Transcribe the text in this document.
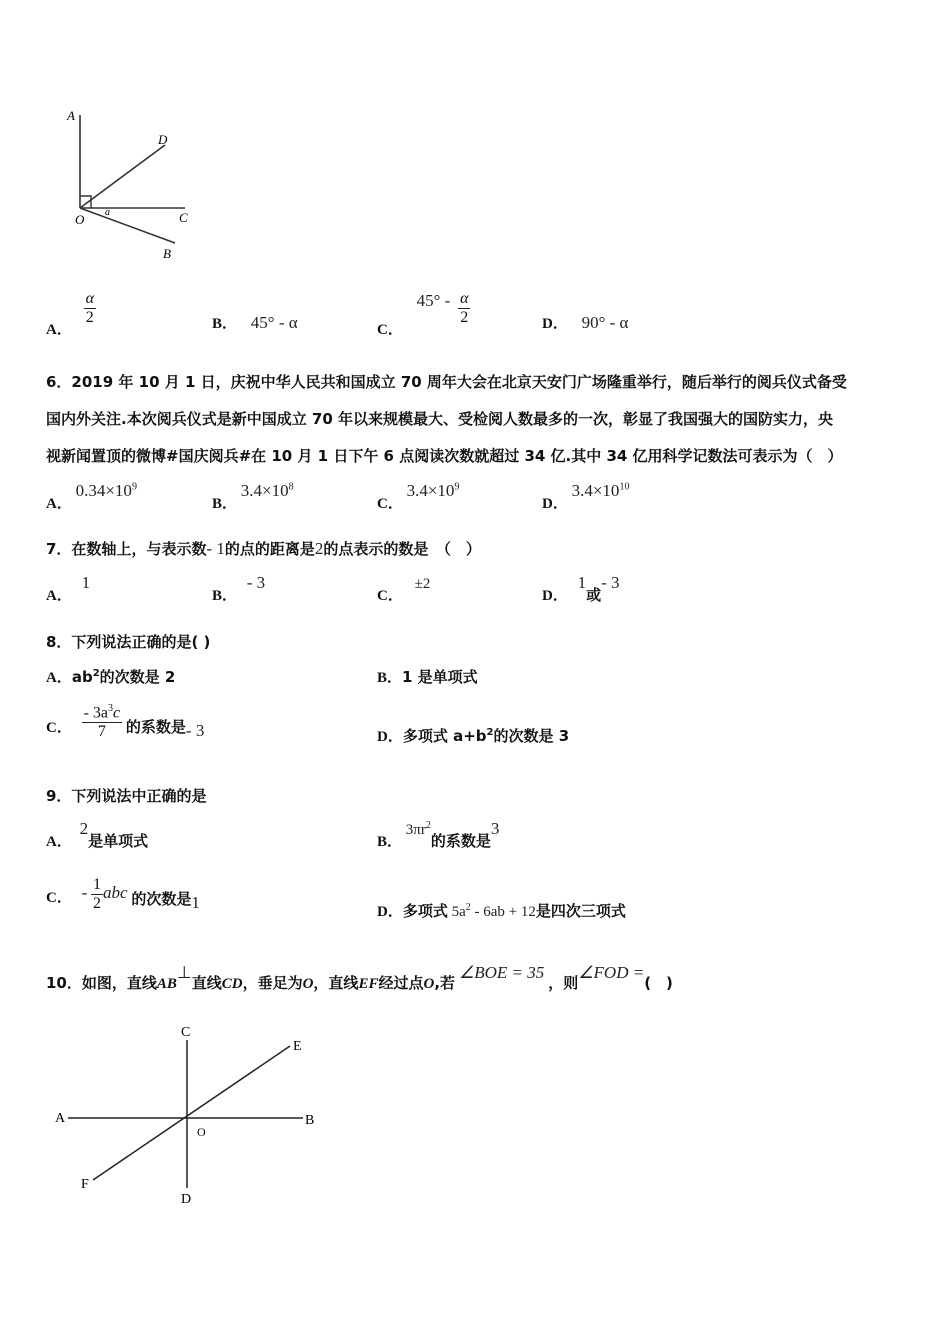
A
D
O a	C
B
A．
$\frac{\alpha}{2}$	B． 45° - α	C． $45^\circ - \frac{\alpha}{2}$	D． 90° - α
6．2019 年 10 月 1 日，庆祝中华人民共和国成立 70 周年大会在北京天安门广场隆重举行，随后举行的阅兵仪式备受
国内外关注.本次阅兵仪式是新中国成立 70 年以来规模最大、受检阅人数最多的一次，彰显了我国强大的国防实力，央
视新闻置顶的微博#国庆阅兵#在 10 月 1 日下午 6 点阅读次数就超过 34 亿.其中 34 亿用科学记数法可表示为（　）
A． $0.34\times 10^9$
B． $3.4\times 10^8$
C． $3.4\times 10^9$
D． $3.4\times 10^{10}$
7．在数轴上，与表示数- 1的点的距离是2的点表示的数是　（　）
A． 1
B． - 3
C． ±2
D． 1或- 3
8．下列说法正确的是( )
A．$ab^2$的次数是 2	B．1 是单项式
C． $\frac{- 3a^3c}{7}$ 的系数是- 3	D．多项式 $a+b^2$的次数是 3
9．下列说法中正确的是
A． 2是单项式	B． $3\pi r^2$的系数是3
C． - $\frac{1}{2}$ abc 的次数是1
D．多项式 $5a^2 - 6ab + 12$是四次三项式
10．如图，直线AB⊥直线CD，垂足为O，直线EF经过点O,若∠BOE = 35，则∠FOD =(　)
A	B
C
D
E
F
O
